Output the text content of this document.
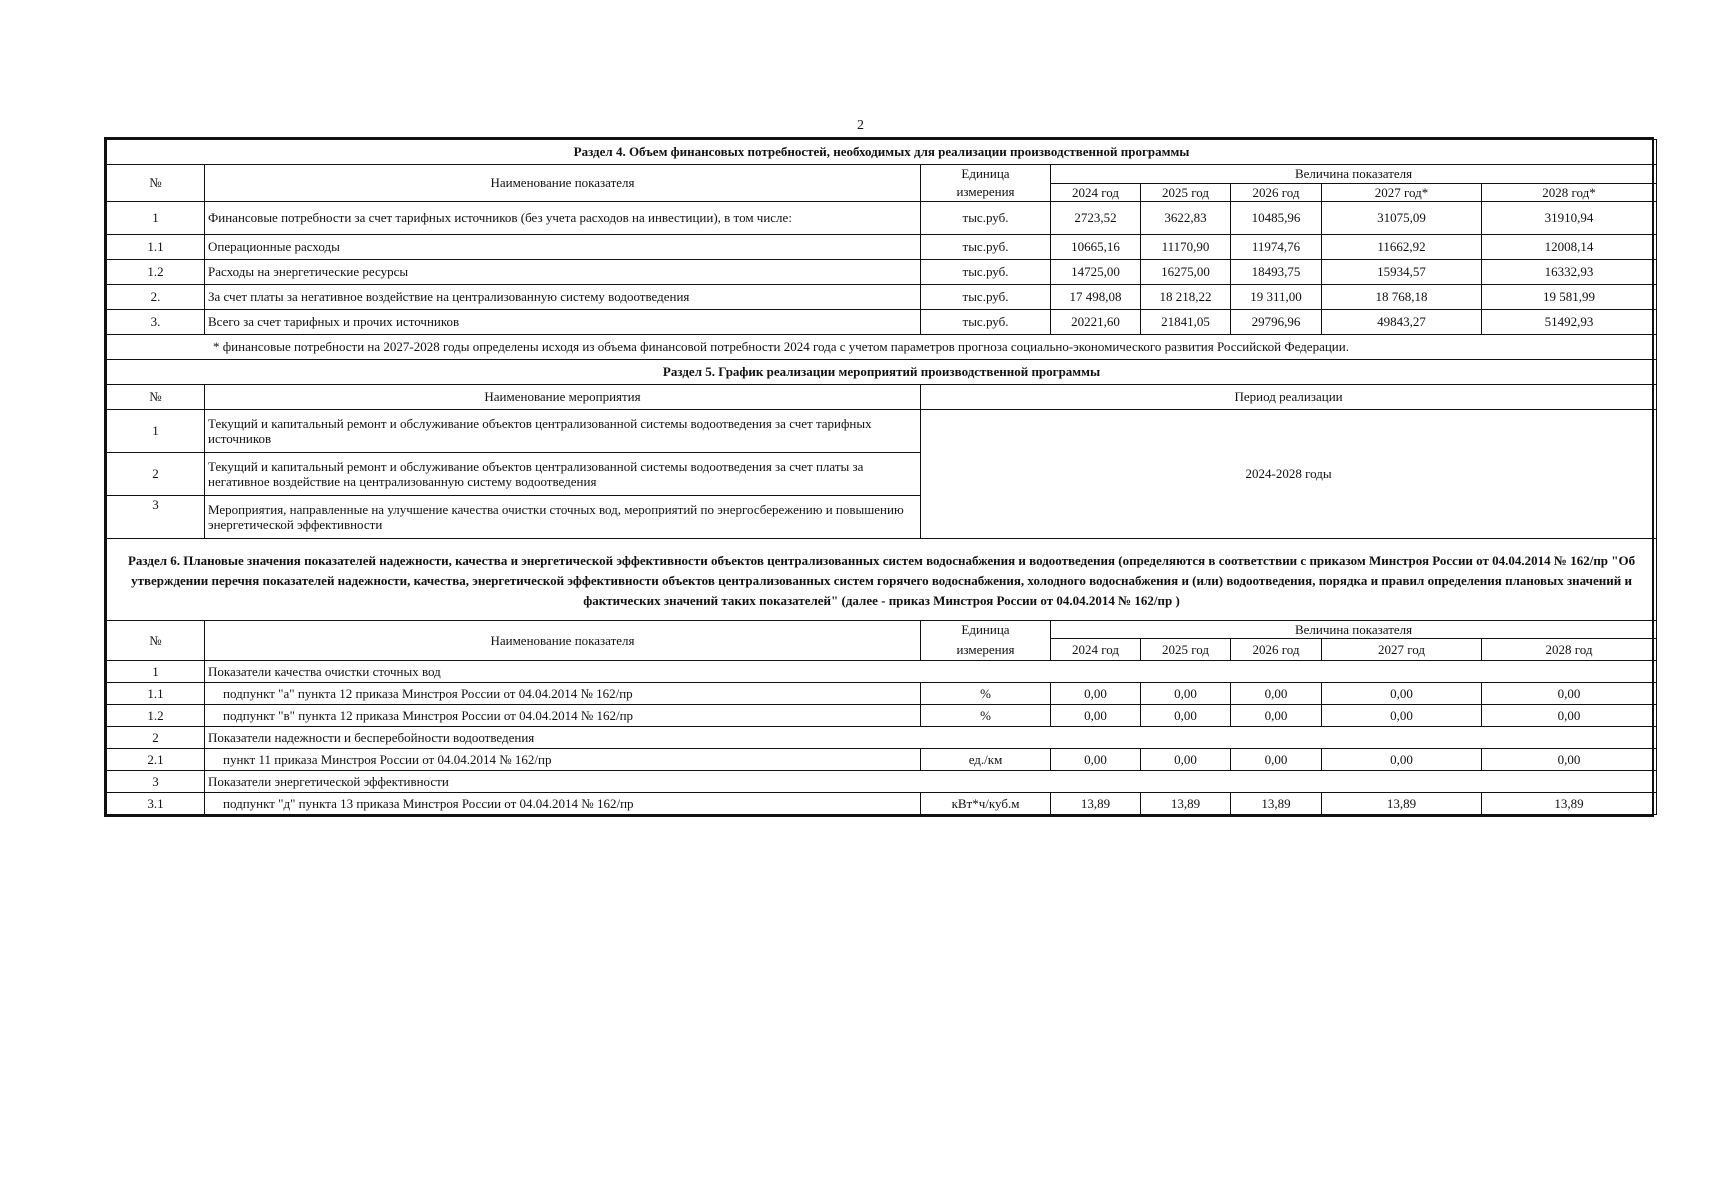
2
Раздел 4. Объем финансовых потребностей, необходимых для реализации производственной программы							
№	Наименование показателя	Единица	Величина показателя				
		измерения	2024 год	2025 год	2026 год	2027 год*	2028 год*
1	Финансовые потребности за счет тарифных источников (без учета расходов на инвестиции), в том числе:	тыс.руб.	2723,52	3622,83	10485,96	31075,09	31910,94
1.1	Операционные расходы	тыс.руб.	10665,16	11170,90	11974,76	11662,92	12008,14
1.2	Расходы на энергетические ресурсы	тыс.руб.	14725,00	16275,00	18493,75	15934,57	16332,93
2.	За счет платы за негативное воздействие на централизованную систему водоотведения	тыс.руб.	17 498,08	18 218,22	19 311,00	18 768,18	19 581,99
3.	Всего за счет тарифных и прочих источников	тыс.руб.	20221,60	21841,05	29796,96	49843,27	51492,93
* финансовые потребности на 2027-2028 годы определены исходя из объема финансовой потребности 2024 года с учетом параметров прогноза социально-экономического развития Российской Федерации.							
Раздел 5. График реализации мероприятий производственной программы							
№	Наименование мероприятия	Период реализации					
1	Текущий и капитальный ремонт и обслуживание объектов централизованной системы водоотведения за счет тарифных источников	2024-2028 годы					
2	Текущий и капитальный ремонт и обслуживание объектов централизованной системы водоотведения за счет платы за негативное воздействие на централизованную систему водоотведения						
3	Мероприятия, направленные на улучшение качества очистки сточных вод, мероприятий по энергосбережению и повышению энергетической эффективности						
Раздел 6. Плановые значения показателей надежности, качества и энергетической эффективности объектов централизованных систем водоснабжения и водоотведения (определяются в соответствии с приказом Минстроя России от 04.04.2014 № 162/пр "Об утверждении перечня показателей надежности, качества, энергетической эффективности объектов централизованных систем горячего водоснабжения, холодного водоснабжения и (или) водоотведения, порядка и правил определения плановых значений и фактических значений таких показателей" (далее - приказ Минстроя России от 04.04.2014 № 162/пр )							
№	Наименование показателя	Единица	Величина показателя				
		измерения	2024 год	2025 год	2026 год	2027 год	2028 год
1	Показатели качества очистки сточных вод						
1.1	подпункт "а" пункта 12 приказа Минстроя России от 04.04.2014 № 162/пр	%	0,00	0,00	0,00	0,00	0,00
1.2	подпункт "в" пункта 12 приказа Минстроя России от 04.04.2014 № 162/пр	%	0,00	0,00	0,00	0,00	0,00
2	Показатели надежности и бесперебойности водоотведения						
2.1	пункт 11 приказа Минстроя России от 04.04.2014 № 162/пр	ед./км	0,00	0,00	0,00	0,00	0,00
3	Показатели энергетической эффективности						
3.1	подпункт "д" пункта 13 приказа Минстроя России от 04.04.2014 № 162/пр	кВт*ч/куб.м	13,89	13,89	13,89	13,89	13,89
